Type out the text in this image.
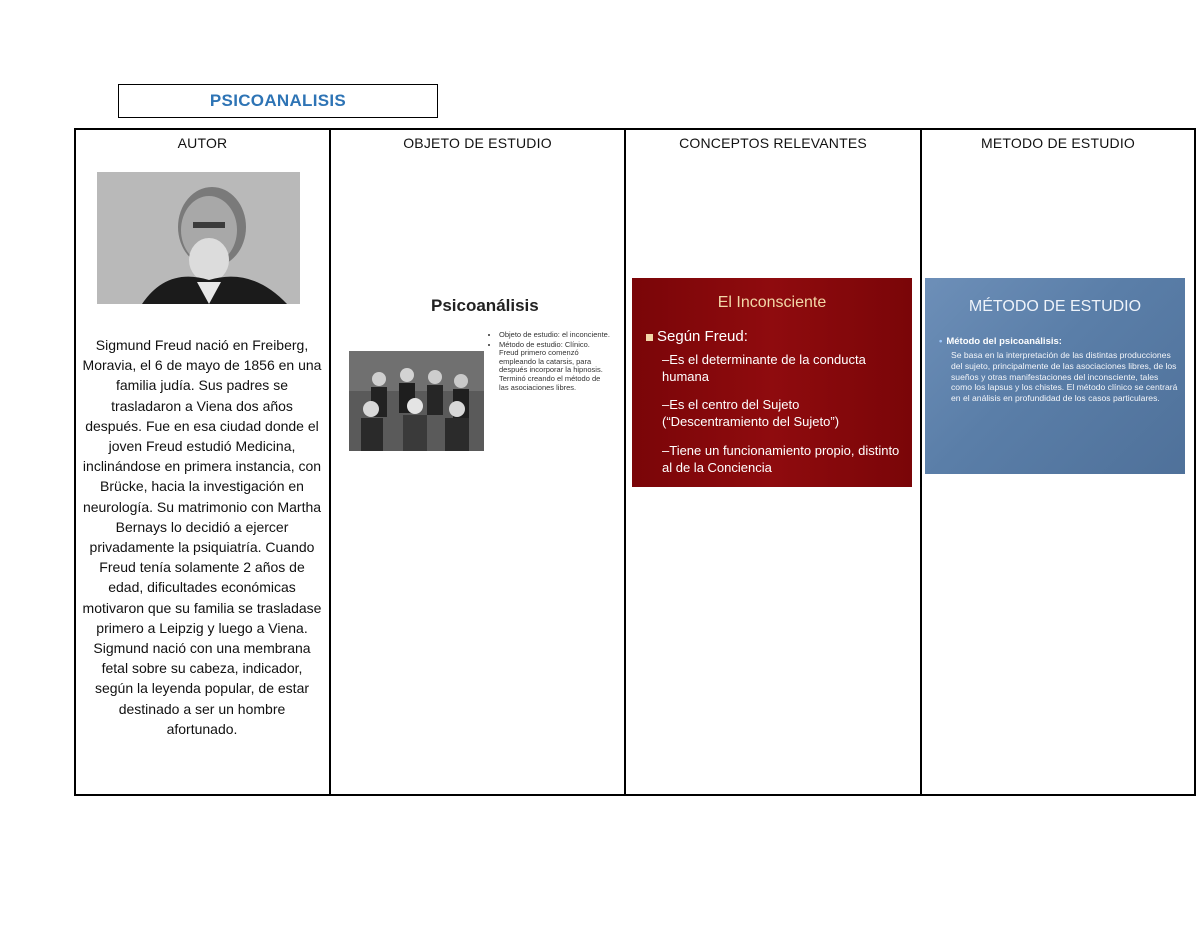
PSICOANALISIS
AUTOR
Sigmund Freud nació en Freiberg, Moravia, el 6 de mayo de 1856 en una familia judía. Sus padres se trasladaron a Viena dos años después. Fue en esa ciudad donde el joven Freud estudió Medicina, inclinándose en primera instancia, con Brücke, hacia la investigación en neurología. Su matrimonio con Martha Bernays lo decidió a ejercer privadamente la psiquiatría. Cuando Freud tenía solamente 2 años de edad, dificultades económicas motivaron que su familia se trasladase primero a Leipzig y luego a Viena. Sigmund nació con una membrana fetal sobre su cabeza, indicador, según la leyenda popular, de estar destinado a ser un hombre afortunado.
OBJETO DE ESTUDIO
Psicoanálisis
• Objeto de estudio: el inconciente.
• Método de estudio: Clínico. Freud primero comenzó empleando la catarsis, para después incorporar la hipnosis. Terminó creando el método de las asociaciones libres.
CONCEPTOS RELEVANTES
El Inconsciente
Según Freud:
–Es el determinante de la conducta humana
–Es el centro del Sujeto (“Descentramiento del Sujeto”)
–Tiene un funcionamiento propio, distinto al de la Conciencia
METODO DE ESTUDIO
MÉTODO DE ESTUDIO
• Método del psicoanálisis:
Se basa en la interpretación de las distintas producciones del sujeto, principalmente de las asociaciones libres, de los sueños y otras manifestaciones del inconsciente, tales como los lapsus y los chistes. El método clínico se centrará en el análisis en profundidad de los casos particulares.
